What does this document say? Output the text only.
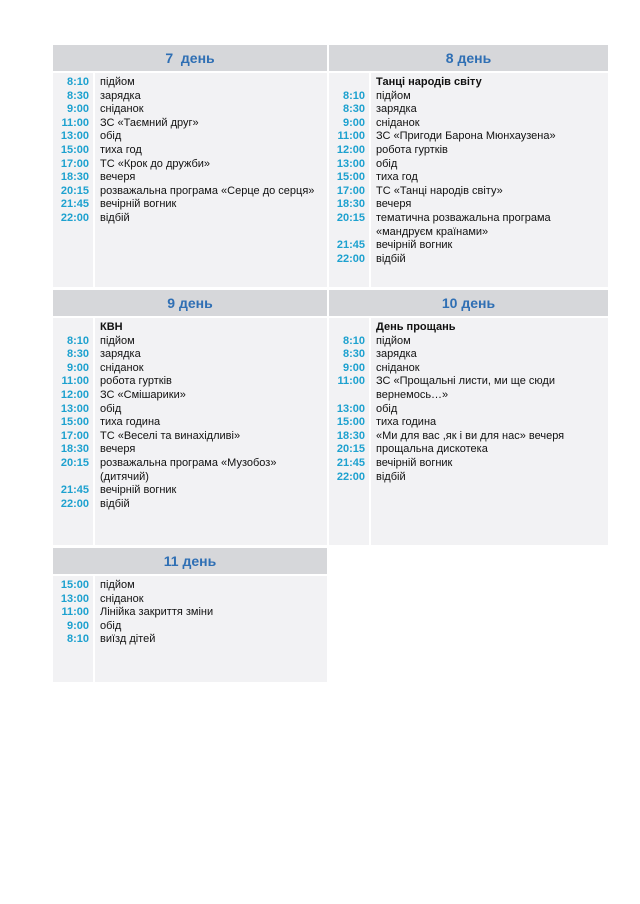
7  день
8:10	підйом
8:30	зарядка
9:00	сніданок
11:00	ЗС «Таємний друг»
13:00	обід
15:00	тиха год
17:00	ТС «Крок до дружби»
18:30	вечеря
20:15	розважальна програма «Серце до серця»
21:45	вечірній вогник
22:00	відбій
8 день
Танці народів світу
8:10	підйом
8:30	зарядка
9:00	сніданок
11:00	ЗС «Пригоди Барона Мюнхаузена»
12:00	робота гуртків
13:00	обід
15:00	тиха год
17:00	ТС «Танці народів світу»
18:30	вечеря
20:15	тематична розважальна програма «мандруєм країнами»
21:45	вечірній вогник
22:00	відбій
9 день
КВН
8:10	підйом
8:30	зарядка
9:00	сніданок
11:00	робота гуртків
12:00	ЗС «Смішарики»
13:00	обід
15:00	тиха година
17:00	ТС «Веселі та винахідливі»
18:30	вечеря
20:15	розважальна програма «Музобоз» (дитячий)
21:45	вечірній вогник
22:00	відбій
10 день
День прощань
8:10	підйом
8:30	зарядка
9:00	сніданок
11:00	ЗС «Прощальні листи, ми ще сюди вернемось…»
13:00	обід
15:00	тиха година
18:30	«Ми для вас ,як і ви для нас» вечеря
20:15	прощальна дискотека
21:45	вечірній вогник
22:00	відбій
11 день
15:00	підйом
13:00	сніданок
11:00	Лінійка закриття зміни
9:00	обід
8:10	виїзд дітей
